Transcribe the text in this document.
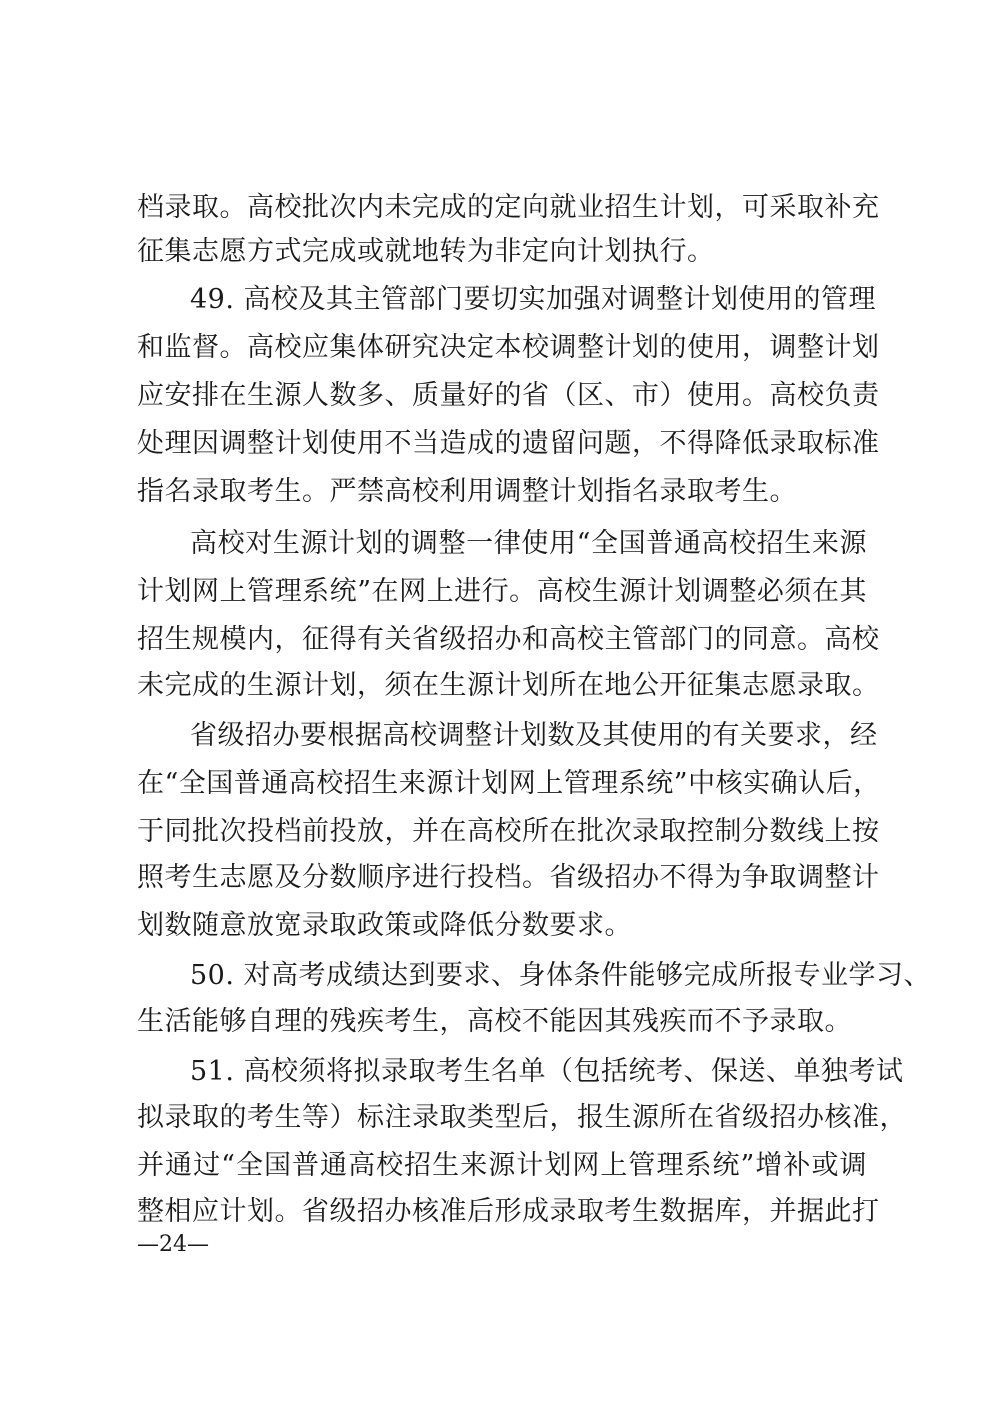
档录取。高校批次内未完成的定向就业招生计划，可采取补充
征集志愿方式完成或就地转为非定向计划执行。
49. 高校及其主管部门要切实加强对调整计划使用的管理
和监督。高校应集体研究决定本校调整计划的使用，调整计划
应安排在生源人数多、质量好的省（区、市）使用。高校负责
处理因调整计划使用不当造成的遗留问题，不得降低录取标准
指名录取考生。严禁高校利用调整计划指名录取考生。
高校对生源计划的调整一律使用“全国普通高校招生来源
计划网上管理系统”在网上进行。高校生源计划调整必须在其
招生规模内，征得有关省级招办和高校主管部门的同意。高校
未完成的生源计划，须在生源计划所在地公开征集志愿录取。
省级招办要根据高校调整计划数及其使用的有关要求，经
在“全国普通高校招生来源计划网上管理系统”中核实确认后，
于同批次投档前投放，并在高校所在批次录取控制分数线上按
照考生志愿及分数顺序进行投档。省级招办不得为争取调整计
划数随意放宽录取政策或降低分数要求。
50. 对高考成绩达到要求、身体条件能够完成所报专业学习、
生活能够自理的残疾考生，高校不能因其残疾而不予录取。
51. 高校须将拟录取考生名单（包括统考、保送、单独考试
拟录取的考生等）标注录取类型后，报生源所在省级招办核准，
并通过“全国普通高校招生来源计划网上管理系统”增补或调
整相应计划。省级招办核准后形成录取考生数据库，并据此打
—24—
